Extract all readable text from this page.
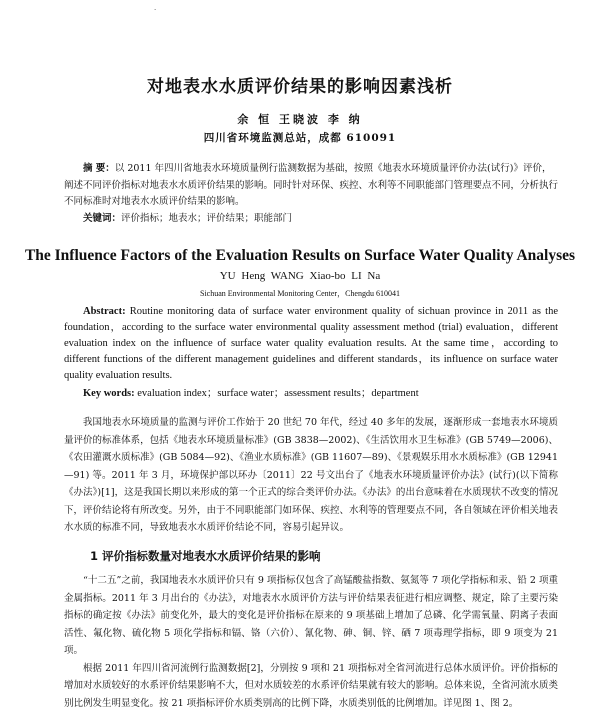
·
对地表水水质评价结果的影响因素浅析
余 恒 王晓波 李 纳
四川省环境监测总站，成都 610091

摘 要：以 2011 年四川省地表水环境质量例行监测数据为基础，按照《地表水环境质量评价办法(试行)》评价，阐述不同评价指标对地表水水质评价结果的影响。同时针对环保、疾控、水利等不同职能部门管理要点不同，分析执行不同标准时对地表水水质评价结果的影响。

关键词：评价指标；地表水；评价结果；职能部门

The Influence Factors of the Evaluation Results on Surface Water Quality Analyses
YU Heng WANG Xiao-bo LI Na
Sichuan Environmental Monitoring Center，Chengdu 610041

Abstract: Routine monitoring data of surface water environment quality of sichuan province in 2011 as the foundation，according to the surface water environmental quality assessment method (trial) evaluation，different evaluation index on the influence of surface water quality evaluation results. At the same time，according to different functions of the different management guidelines and different standards，its influence on surface water quality evaluation results.

Key words: evaluation index；surface water；assessment results；department

我国地表水环境质量的监测与评价工作始于 20 世纪 70 年代，经过 40 多年的发展，逐渐形成一套地表水环境质量评价的标准体系，包括《地表水环境质量标准》(GB 3838—2002)、《生活饮用水卫生标准》(GB 5749—2006)、《农田灌溉水质标准》(GB 5084—92)、《渔业水质标准》(GB 11607—89)、《景观娱乐用水水质标准》(GB 12941—91) 等。2011 年 3 月，环境保护部以环办〔2011〕22 号文出台了《地表水环境质量评价办法》(试行)(以下简称《办法》)[1]，这是我国长期以来形成的第一个正式的综合类评价办法。《办法》的出台意味着在水质现状不改变的情况下，评价结论将有所改变。另外，由于不同职能部门如环保、疾控、水利等的管理要点不同，各自领域在评价相关地表水水质的标准不同，导致地表水水质评价结论不同，容易引起异议。

1 评价指标数量对地表水水质评价结果的影响

“十二五”之前，我国地表水水质评价只有 9 项指标仅包含了高锰酸盐指数、氨氮等 7 项化学指标和汞、铅 2 项重金属指标。2011 年 3 月出台的《办法》，对地表水水质评价方法与评价结果表征进行相应调整、规定，除了主要污染指标的确定按《办法》前变化外，最大的变化是评价指标在原来的 9 项基础上增加了总磷、化学需氧量、阴离子表面活性、氟化物、硫化物 5 项化学指标和镉、铬（六价）、氰化物、砷、铜、锌、硒 7 项毒理学指标，即 9 项变为 21 项。

根据 2011 年四川省河流例行监测数据[2]，分别按 9 项和 21 项指标对全省河流进行总体水质评价。评价指标的增加对水质较好的水系评价结果影响不大，但对水质较差的水系评价结果就有较大的影响。总体来说，全省河流水质类别比例发生明显变化。按 21 项指标评价水质类别高的比例下降，水质类别低的比例增加。详见图 1、图 2。
